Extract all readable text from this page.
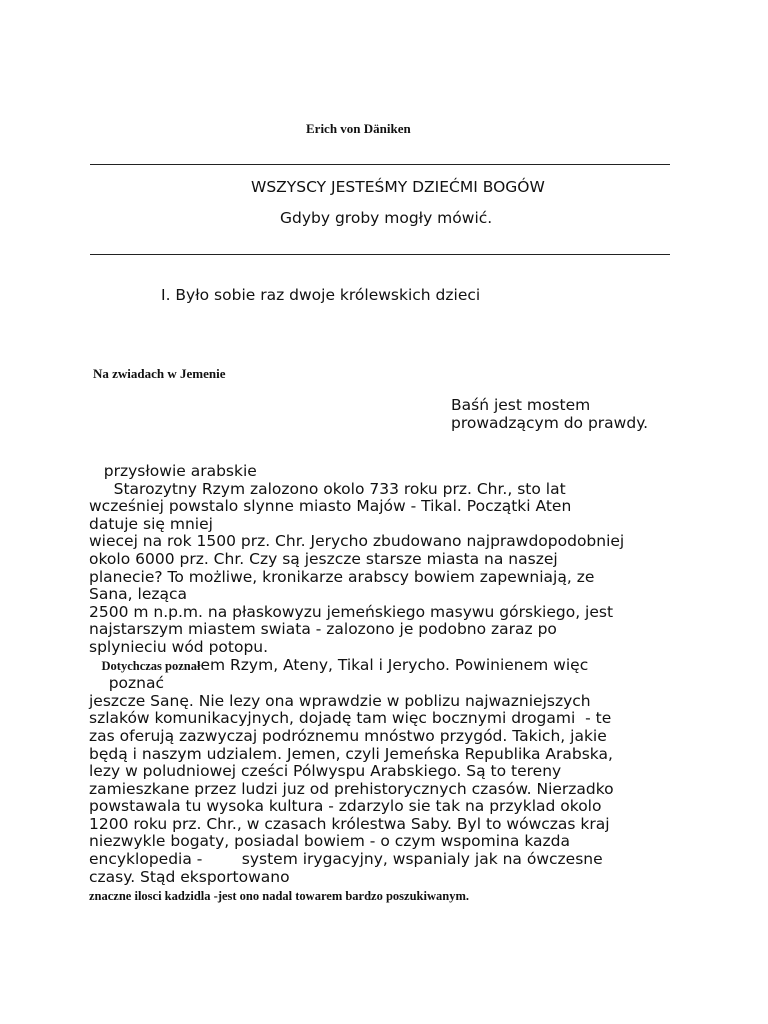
Erich von Däniken
WSZYSCY JESTEŚMY DZIEĆMI BOGÓW
Gdyby groby mogły mówić.
I. Było sobie raz dwoje królewskich dzieci
Na zwiadach w Jemenie
Baśń jest mostem
prowadzącym do prawdy.
przysłowie arabskie
Starozytny Rzym zalozono okolo 733 roku prz. Chr., sto lat
wcześniej powstalo slynne miasto Majów - Tikal. Początki Aten
datuje się mniej
wiecej na rok 1500 prz. Chr. Jerycho zbudowano najprawdopodobniej
okolo 6000 prz. Chr. Czy są jeszcze starsze miasta na naszej
planecie? To możliwe, kronikarze arabscy bowiem zapewniają, ze
Sana, leząca
2500 m n.p.m. na płaskowyzu jemeńskiego masywu górskiego, jest
najstarszym miastem swiata - zalozono je podobno zaraz po
splynieciu wód potopu.
Dotychczas poznałem Rzym, Ateny, Tikal i Jerycho. Powinienem więc
poznać
jeszcze Sanę. Nie lezy ona wprawdzie w poblizu najwazniejszych
szlaków komunikacyjnych, dojadę tam więc bocznymi drogami  - te
zas oferują zazwyczaj podróznemu mnóstwo przygód. Takich, jakie
będą i naszym udzialem. Jemen, czyli Jemeńska Republika Arabska,
lezy w poludniowej cześci Pólwyspu Arabskiego. Są to tereny
zamieszkane przez ludzi juz od prehistorycznych czasów. Nierzadko
powstawala tu wysoka kultura - zdarzylo sie tak na przyklad okolo
1200 roku prz. Chr., w czasach królestwa Saby. Byl to wówczas kraj
niezwykle bogaty, posiadal bowiem - o czym wspomina kazda
encyklopedia -        system irygacyjny, wspanialy jak na ówczesne
czasy. Stąd eksportowano
znaczne ilosci kadzidla -jest ono nadal towarem bardzo poszukiwanym.
